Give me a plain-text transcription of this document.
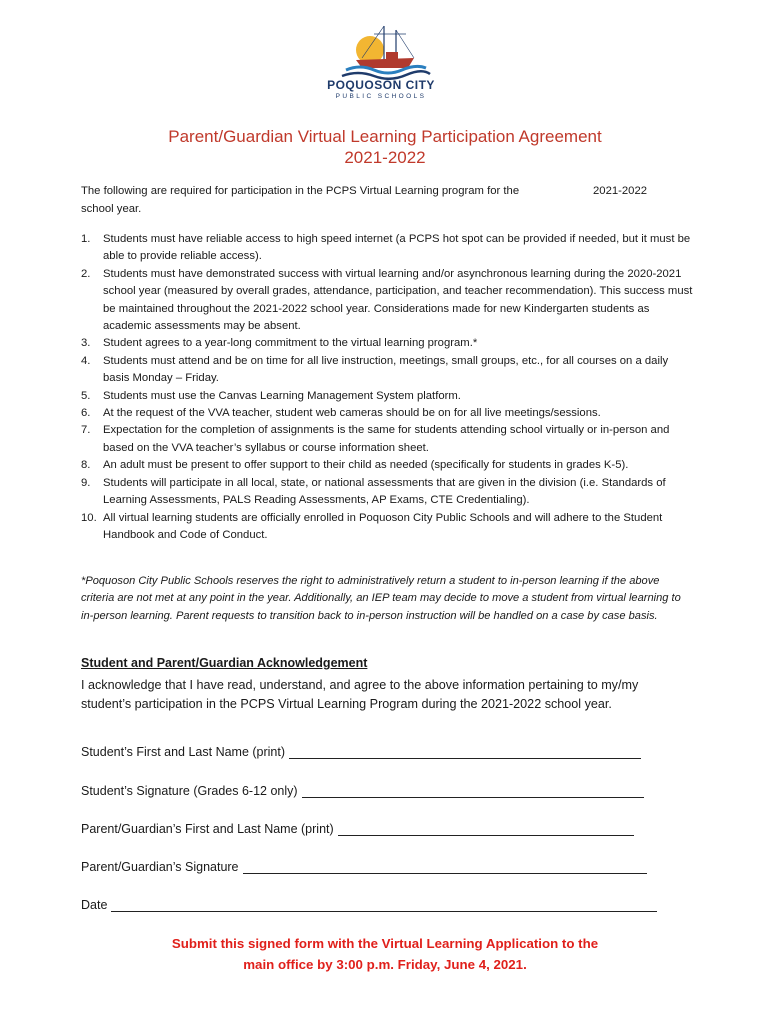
POQUOSON CITY
PUBLIC SCHOOLS
Parent/Guardian Virtual Learning Participation Agreement
2021-2022
The following are required for participation in the PCPS Virtual Learning program for the	2021-2022
school year.
1. Students must have reliable access to high speed internet (a PCPS hot spot can be provided if needed, but it must be able to provide reliable access).
2. Students must have demonstrated success with virtual learning and/or asynchronous learning during the 2020-2021 school year (measured by overall grades, attendance, participation, and teacher recommendation). This success must be maintained throughout the 2021-2022 school year. Considerations made for new Kindergarten students as academic assessments may be absent.
3. Student agrees to a year-long commitment to the virtual learning program.*
4. Students must attend and be on time for all live instruction, meetings, small groups, etc., for all courses on a daily basis Monday – Friday.
5. Students must use the Canvas Learning Management System platform.
6. At the request of the VVA teacher, student web cameras should be on for all live meetings/sessions.
7. Expectation for the completion of assignments is the same for students attending school virtually or in-person and based on the VVA teacher’s syllabus or course information sheet.
8. An adult must be present to offer support to their child as needed (specifically for students in grades K-5).
9. Students will participate in all local, state, or national assessments that are given in the division (i.e. Standards of Learning Assessments, PALS Reading Assessments, AP Exams, CTE Credentialing).
10. All virtual learning students are officially enrolled in Poquoson City Public Schools and will adhere to the Student Handbook and Code of Conduct.
*Poquoson City Public Schools reserves the right to administratively return a student to in-person learning if the above criteria are not met at any point in the year. Additionally, an IEP team may decide to move a student from virtual learning to in-person learning. Parent requests to transition back to in-person instruction will be handled on a case by case basis.
Student and Parent/Guardian Acknowledgement
I acknowledge that I have read, understand, and agree to the above information pertaining to my/my student’s participation in the PCPS Virtual Learning Program during the 2021-2022 school year.
Student’s First and Last Name (print)
Student’s Signature (Grades 6-12 only)
Parent/Guardian’s First and Last Name (print)
Parent/Guardian’s Signature
Date
Submit this signed form with the Virtual Learning Application to the
main office by 3:00 p.m. Friday, June 4, 2021.
